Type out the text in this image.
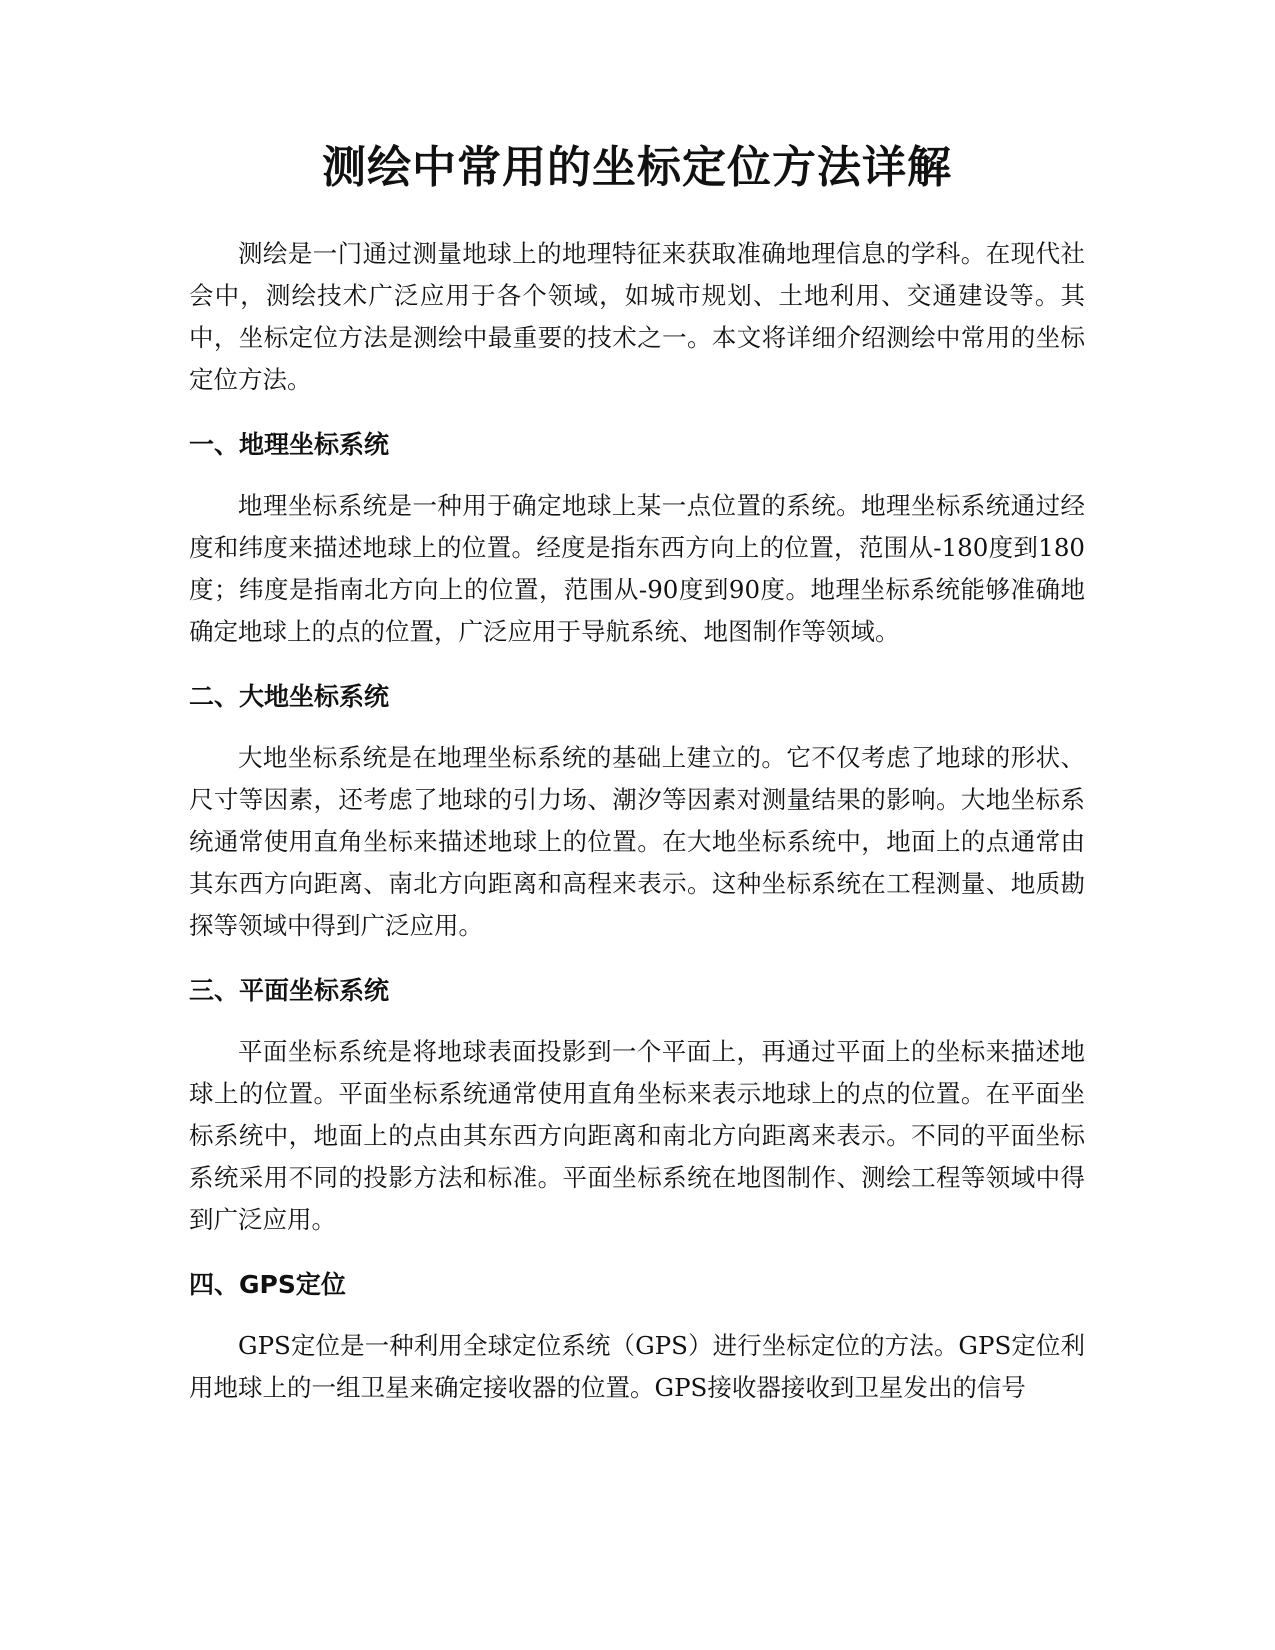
测绘中常用的坐标定位方法详解

测绘是一门通过测量地球上的地理特征来获取准确地理信息的学科。在现代社会中，测绘技术广泛应用于各个领域，如城市规划、土地利用、交通建设等。其中，坐标定位方法是测绘中最重要的技术之一。本文将详细介绍测绘中常用的坐标定位方法。

一、地理坐标系统

地理坐标系统是一种用于确定地球上某一点位置的系统。地理坐标系统通过经度和纬度来描述地球上的位置。经度是指东西方向上的位置，范围从-180度到180度；纬度是指南北方向上的位置，范围从-90度到90度。地理坐标系统能够准确地确定地球上的点的位置，广泛应用于导航系统、地图制作等领域。

二、大地坐标系统

大地坐标系统是在地理坐标系统的基础上建立的。它不仅考虑了地球的形状、尺寸等因素，还考虑了地球的引力场、潮汐等因素对测量结果的影响。大地坐标系统通常使用直角坐标来描述地球上的位置。在大地坐标系统中，地面上的点通常由其东西方向距离、南北方向距离和高程来表示。这种坐标系统在工程测量、地质勘探等领域中得到广泛应用。

三、平面坐标系统

平面坐标系统是将地球表面投影到一个平面上，再通过平面上的坐标来描述地球上的位置。平面坐标系统通常使用直角坐标来表示地球上的点的位置。在平面坐标系统中，地面上的点由其东西方向距离和南北方向距离来表示。不同的平面坐标系统采用不同的投影方法和标准。平面坐标系统在地图制作、测绘工程等领域中得到广泛应用。

四、GPS定位

GPS定位是一种利用全球定位系统（GPS）进行坐标定位的方法。GPS定位利用地球上的一组卫星来确定接收器的位置。GPS接收器接收到卫星发出的信号
